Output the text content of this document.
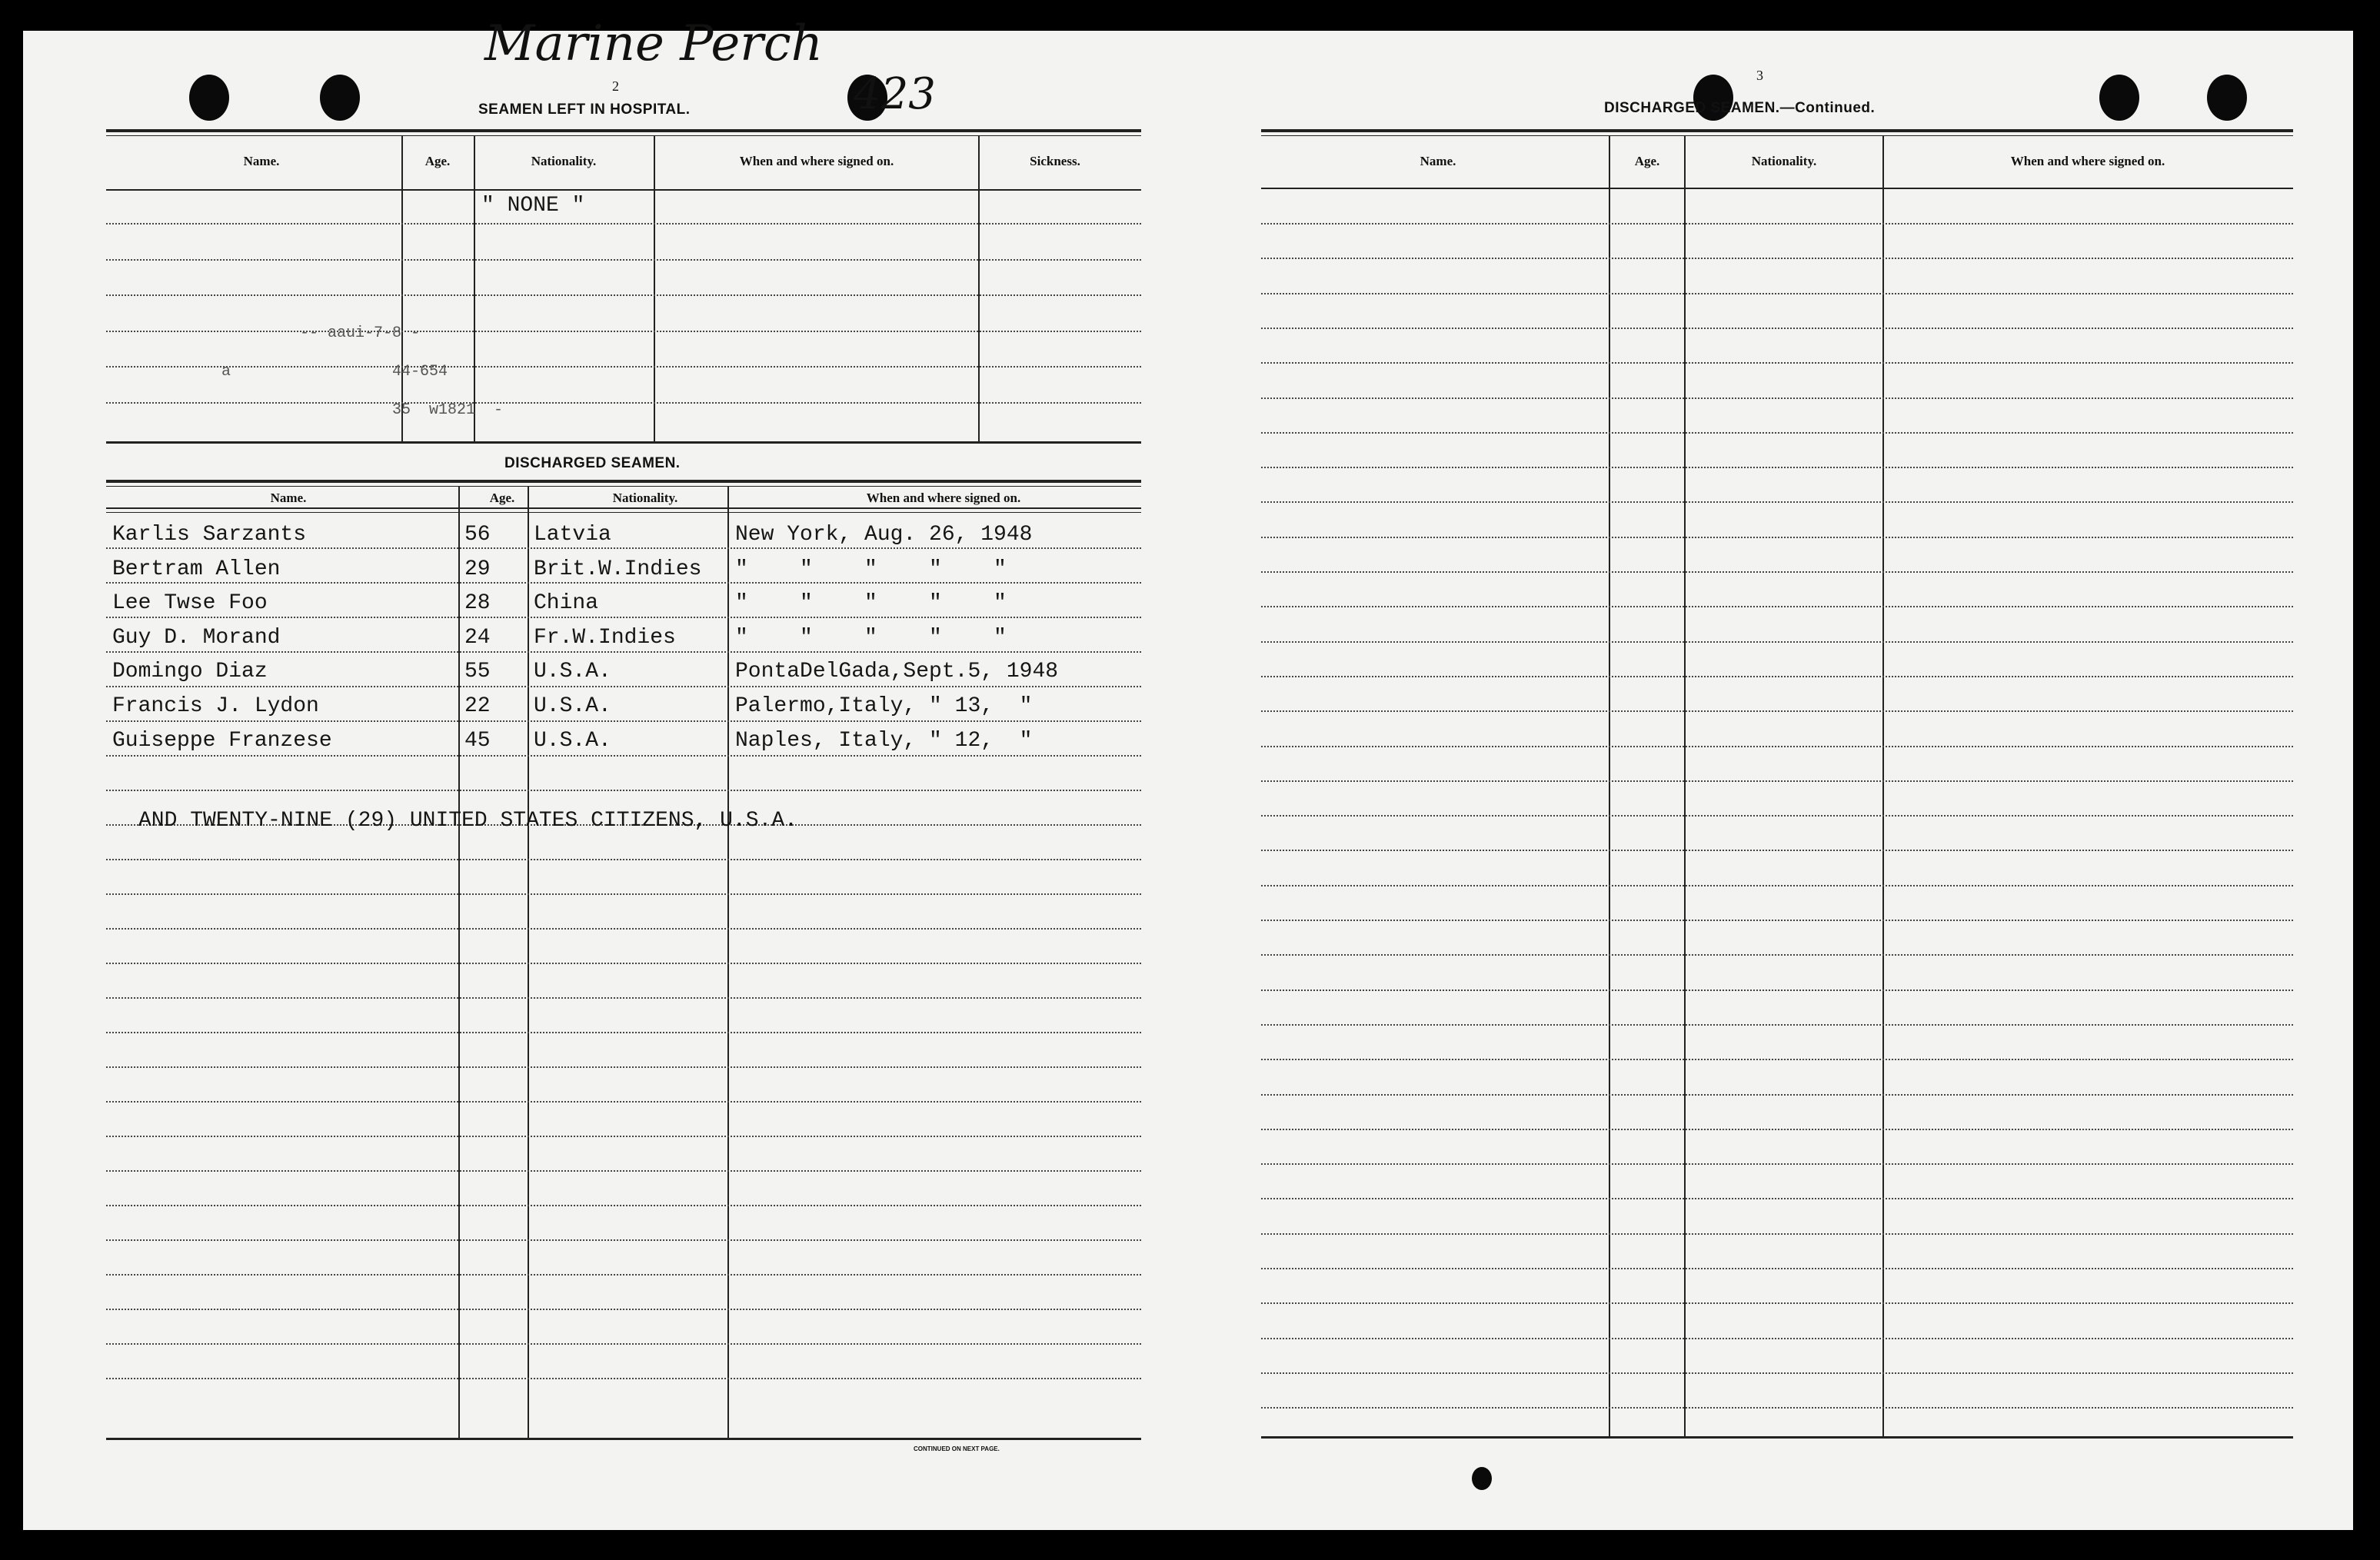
Marine Perch
423
2
SEAMEN LEFT IN HOSPITAL.
Name.	Age.	Nationality.	When and where signed on.	Sickness.
" NONE "
-- aaui-7-8 -
a	44-654
35  w1821  -
DISCHARGED SEAMEN.
Name.	Age.	Nationality.	When and where signed on.
Karlis Sarzants	56 Latvia	New York, Aug. 26, 1948
Bertram Allen	29 Brit.W.Indies "    "    "    "    "
Lee Twse Foo	28 China	"    "    "    "    "
Guy D. Morand	24 Fr.W.Indies	"    "    "    "    "
Domingo Diaz	55 U.S.A.	PontaDelGada,Sept.5, 1948
Francis J. Lydon	22 U.S.A.	Palermo,Italy, " 13,  "
Guiseppe Franzese	45 U.S.A.	Naples, Italy, " 12,  "
AND TWENTY-NINE (29) UNITED STATES CITIZENS, U.S.A.
CONTINUED ON NEXT PAGE.
3
DISCHARGED SEAMEN.—Continued.
Name.	Age.	Nationality.	When and where signed on.
